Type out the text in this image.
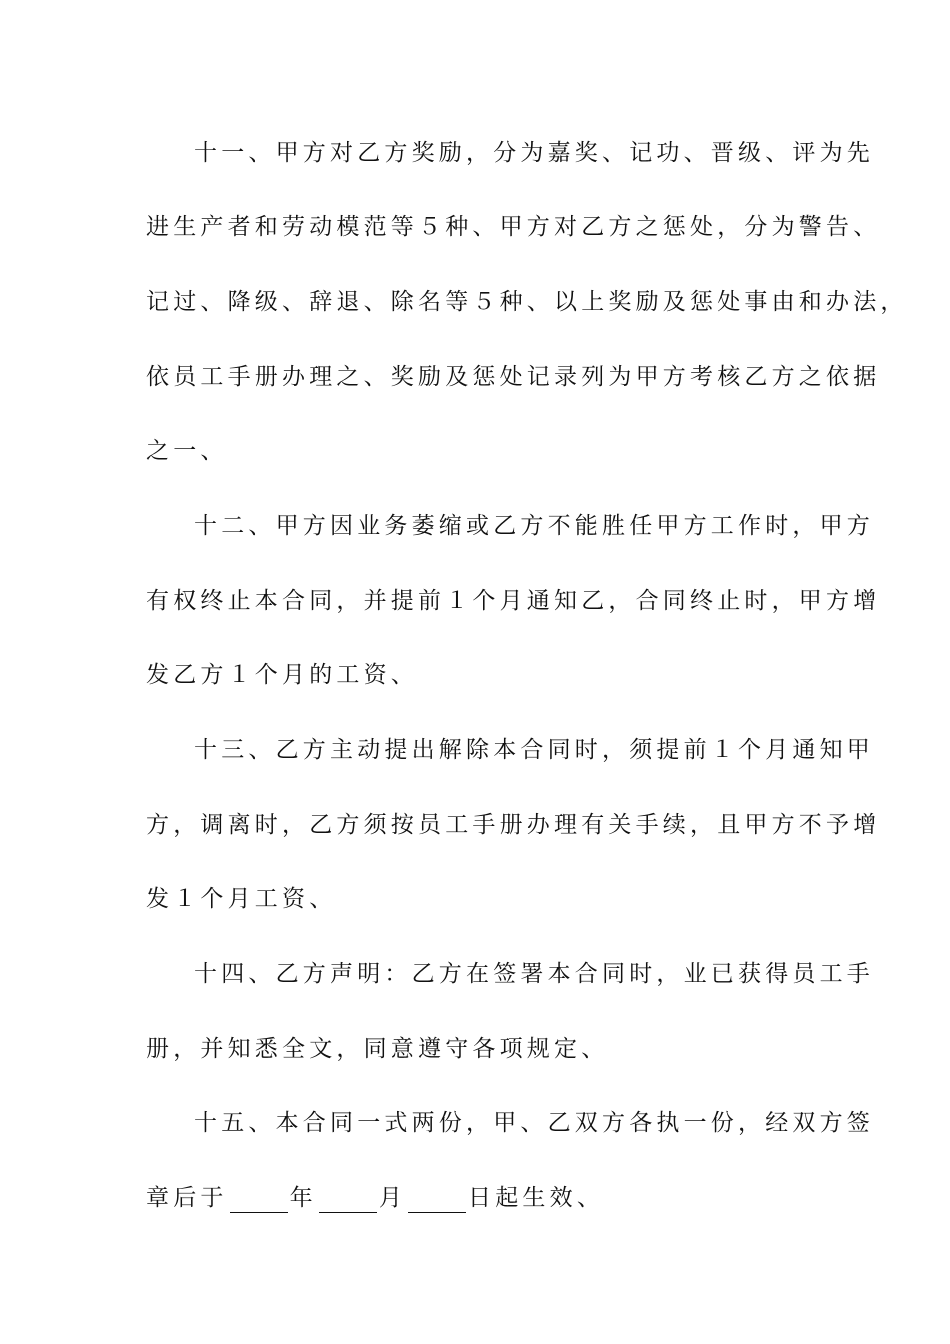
十一、甲方对乙方奖励，分为嘉奖、记功、晋级、评为先
进生产者和劳动模范等５种、甲方对乙方之惩处，分为警告、
记过、降级、辞退、除名等５种、以上奖励及惩处事由和办法，
依员工手册办理之、奖励及惩处记录列为甲方考核乙方之依据
之一、
十二、甲方因业务萎缩或乙方不能胜任甲方工作时，甲方
有权终止本合同，并提前１个月通知乙，合同终止时，甲方增
发乙方１个月的工资、
十三、乙方主动提出解除本合同时，须提前１个月通知甲
方，调离时，乙方须按员工手册办理有关手续，且甲方不予增
发１个月工资、
十四、乙方声明：乙方在签署本合同时，业已获得员工手
册，并知悉全文，同意遵守各项规定、
十五、本合同一式两份，甲、乙双方各执一份，经双方签
章后于	年	月	日起生效、
